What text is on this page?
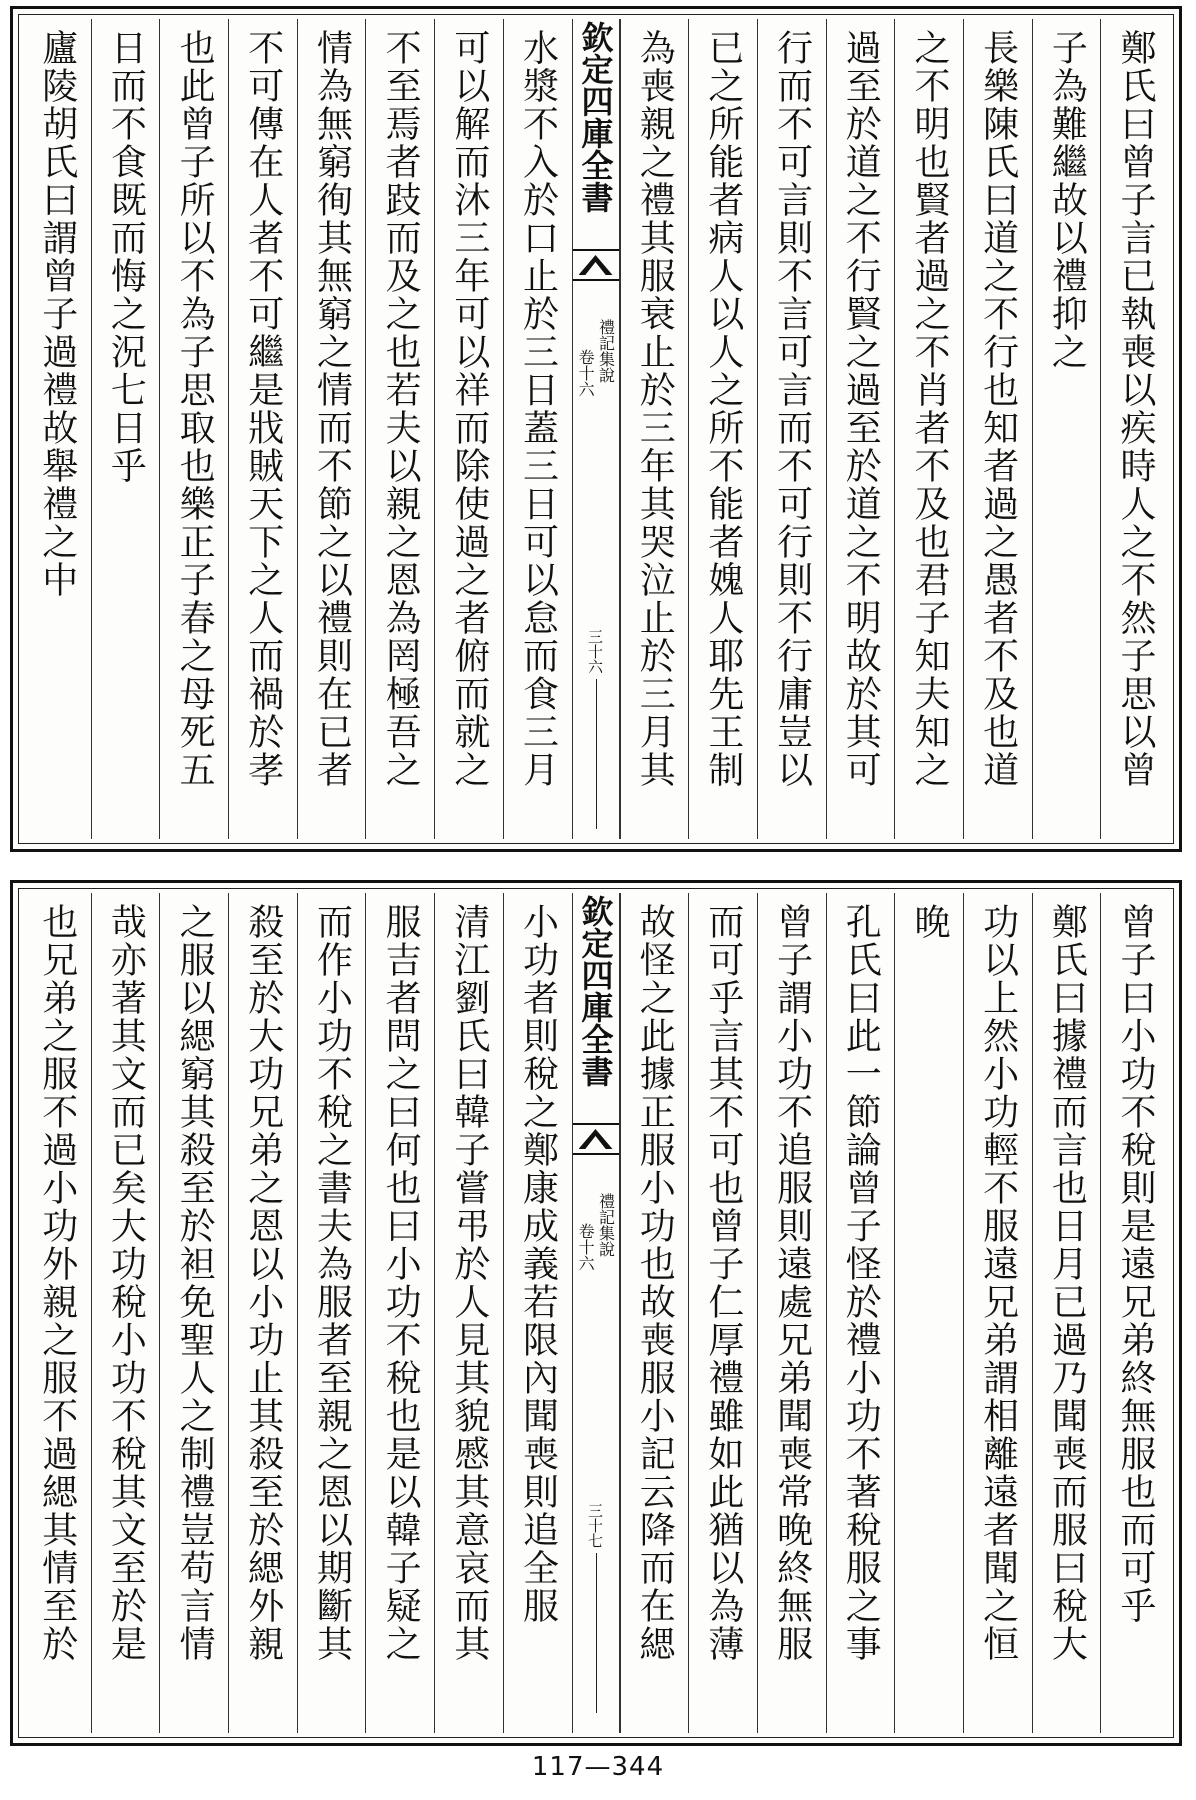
鄭氏曰曾子言已執喪以疾時人之不然子思以曾
子為難繼故以禮抑之
長樂陳氏曰道之不行也知者過之愚者不及也道
之不明也賢者過之不肖者不及也君子知夫知之
過至於道之不行賢之過至於道之不明故於其可
行而不可言則不言可言而不可行則不行庸豈以
已之所能者病人以人之所不能者媿人耶先王制
為喪親之禮其服衰止於三年其哭泣止於三月其
欽定四庫全書
禮記集說
卷十六
三十六
水漿不入於口止於三日蓋三日可以怠而食三月
可以解而沐三年可以祥而除使過之者俯而就之
不至焉者跂而及之也若夫以親之恩為罔極吾之
情為無窮徇其無窮之情而不節之以禮則在已者
不可傳在人者不可繼是戕賊天下之人而禍於孝
也此曾子所以不為子思取也樂正子春之母死五
日而不食既而悔之況七日乎
廬陵胡氏曰謂曾子過禮故舉禮之中
曾子曰小功不稅則是遠兄弟終無服也而可乎
鄭氏曰據禮而言也日月已過乃聞喪而服曰稅大
功以上然小功輕不服遠兄弟謂相離遠者聞之恒
晚
孔氏曰此一節論曾子怪於禮小功不著稅服之事
曾子謂小功不追服則遠處兄弟聞喪常晚終無服
而可乎言其不可也曾子仁厚禮雖如此猶以為薄
故怪之此據正服小功也故喪服小記云降而在緦
欽定四庫全書
禮記集說
卷十六
三十七
小功者則稅之鄭康成義若限內聞喪則追全服
清江劉氏曰韓子嘗弔於人見其貌慼其意哀而其
服吉者問之曰何也曰小功不稅也是以韓子疑之
而作小功不稅之書夫為服者至親之恩以期斷其
殺至於大功兄弟之恩以小功止其殺至於緦外親
之服以緦窮其殺至於袒免聖人之制禮豈苟言情
哉亦著其文而已矣大功稅小功不稅其文至於是
也兄弟之服不過小功外親之服不過緦其情至於
117—344
